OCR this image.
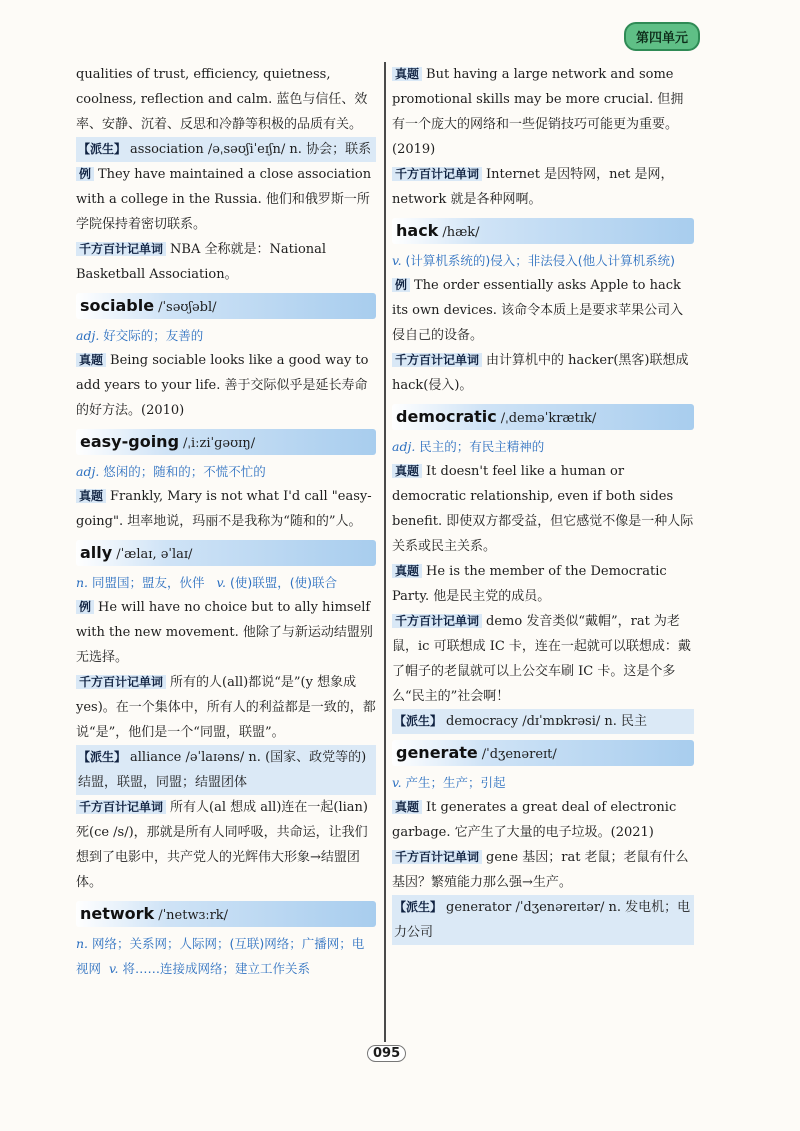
第四单元

qualities of trust, efficiency, quietness, coolness, reflection and calm. 蓝色与信任、效率、安静、沉着、反思和冷静等积极的品质有关。

【派生】 association /əˌsəʊʃiˈeɪʃn/ n. 协会；联系

例 They have maintained a close association with a college in the Russia. 他们和俄罗斯一所学院保持着密切联系。

千方百计记单词 NBA 全称就是：National Basketball Association。

sociable /ˈsəʊʃəbl/

adj. 好交际的；友善的

真题 Being sociable looks like a good way to add years to your life. 善于交际似乎是延长寿命的好方法。(2010)

easy-going /ˌiːziˈɡəʊɪŋ/

adj. 悠闲的；随和的；不慌不忙的

真题 Frankly, Mary is not what I'd call "easy-going". 坦率地说，玛丽不是我称为“随和的”人。

ally /ˈælaɪ, əˈlaɪ/

n. 同盟国；盟友，伙伴 v. (使)联盟，(使)联合

例 He will have no choice but to ally himself with the new movement. 他除了与新运动结盟别无选择。

千方百计记单词 所有的人(all)都说“是”(y 想象成 yes)。在一个集体中，所有人的利益都是一致的，都说“是”，他们是一个“同盟，联盟”。

【派生】 alliance /əˈlaɪəns/ n. (国家、政党等的)结盟，联盟，同盟；结盟团体

千方百计记单词 所有人(al 想成 all)连在一起(lian)死(ce /s/)，那就是所有人同呼吸，共命运，让我们想到了电影中，共产党人的光辉伟大形象→结盟团体。

network /ˈnetwɜːrk/

n. 网络；关系网；人际网；(互联)网络；广播网；电视网 v. 将……连接成网络；建立工作关系

真题 But having a large network and some promotional skills may be more crucial. 但拥有一个庞大的网络和一些促销技巧可能更为重要。(2019)

千方百计记单词 Internet 是因特网，net 是网，network 就是各种网啊。

hack /hæk/

v. (计算机系统的)侵入；非法侵入(他人计算机系统)

例 The order essentially asks Apple to hack its own devices. 该命令本质上是要求苹果公司入侵自己的设备。

千方百计记单词 由计算机中的 hacker(黑客)联想成 hack(侵入)。

democratic /ˌdeməˈkrætɪk/

adj. 民主的；有民主精神的

真题 It doesn't feel like a human or democratic relationship, even if both sides benefit. 即使双方都受益，但它感觉不像是一种人际关系或民主关系。

真题 He is the member of the Democratic Party. 他是民主党的成员。

千方百计记单词 demo 发音类似“戴帽”，rat 为老鼠，ic 可联想成 IC 卡，连在一起就可以联想成：戴了帽子的老鼠就可以上公交车刷 IC 卡。这是个多么“民主的”社会啊！

【派生】 democracy /dɪˈmɒkrəsi/ n. 民主

generate /ˈdʒenəreɪt/

v. 产生；生产；引起

真题 It generates a great deal of electronic garbage. 它产生了大量的电子垃圾。(2021)

千方百计记单词 gene 基因；rat 老鼠；老鼠有什么基因？繁殖能力那么强→生产。

【派生】 generator /ˈdʒenəreɪtər/ n. 发电机；电力公司

095
